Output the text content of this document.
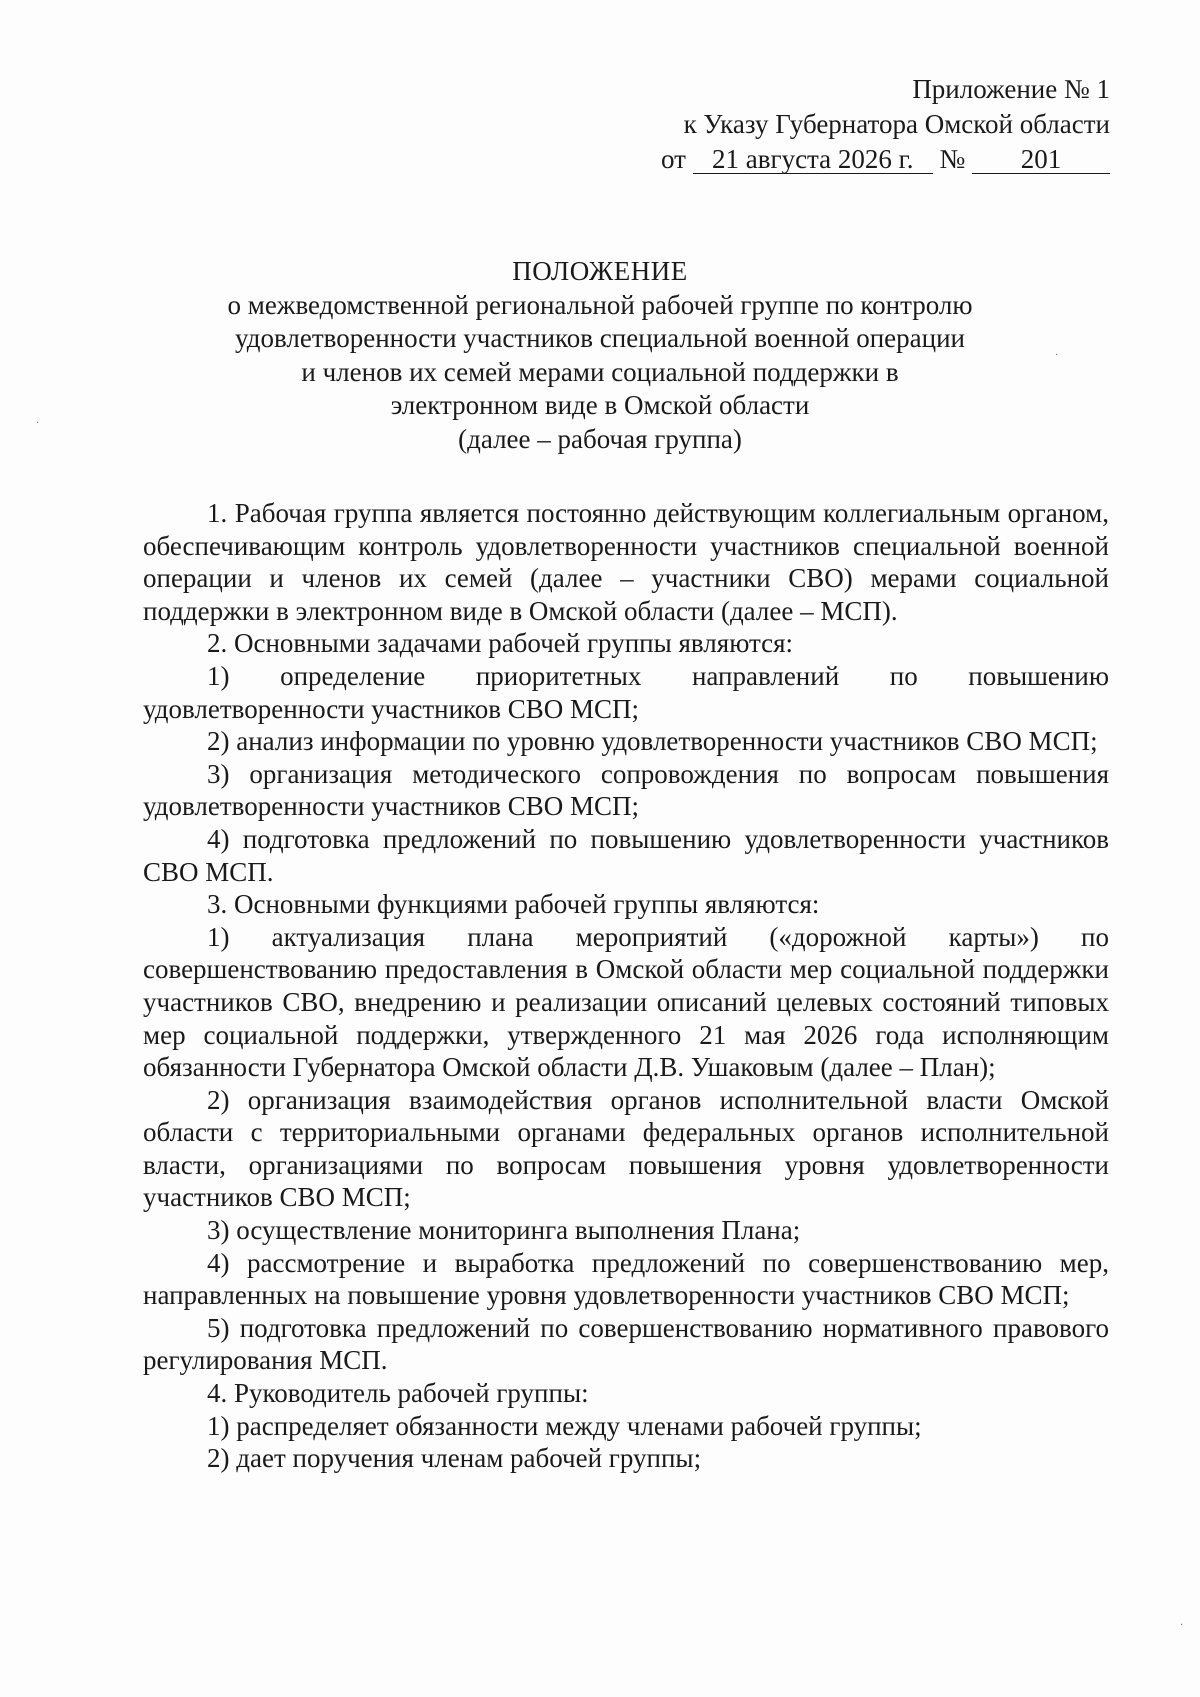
Приложение № 1
к Указу Губернатора Омской области
от 21 августа 2026 г. № 201
ПОЛОЖЕНИЕ
о межведомственной региональной рабочей группе по контролю
удовлетворенности участников специальной военной операции
и членов их семей мерами социальной поддержки в
электронном виде в Омской области
(далее – рабочая группа)

1. Рабочая группа является постоянно действующим коллегиальным органом, обеспечивающим контроль удовлетворенности участников специальной военной операции и членов их семей (далее – участники СВО) мерами социальной поддержки в электронном виде в Омской области (далее – МСП).

2. Основными задачами рабочей группы являются:

1) определение приоритетных направлений по повышению удовлетворенности участников СВО МСП;

2) анализ информации по уровню удовлетворенности участников СВО МСП;

3) организация методического сопровождения по вопросам повышения удовлетворенности участников СВО МСП;

4) подготовка предложений по повышению удовлетворенности участников СВО МСП.

3. Основными функциями рабочей группы являются:

1) актуализация плана мероприятий («дорожной карты») по совершенствованию предоставления в Омской области мер социальной поддержки участников СВО, внедрению и реализации описаний целевых состояний типовых мер социальной поддержки, утвержденного 21 мая 2026 года исполняющим обязанности Губернатора Омской области Д.В. Ушаковым (далее – План);

2) организация взаимодействия органов исполнительной власти Омской области с территориальными органами федеральных органов исполнительной власти, организациями по вопросам повышения уровня удовлетворенности участников СВО МСП;

3) осуществление мониторинга выполнения Плана;

4) рассмотрение и выработка предложений по совершенствованию мер, направленных на повышение уровня удовлетворенности участников СВО МСП;

5) подготовка предложений по совершенствованию нормативного правового регулирования МСП.

4. Руководитель рабочей группы:

1) распределяет обязанности между членами рабочей группы;

2) дает поручения членам рабочей группы;

·
·
·
